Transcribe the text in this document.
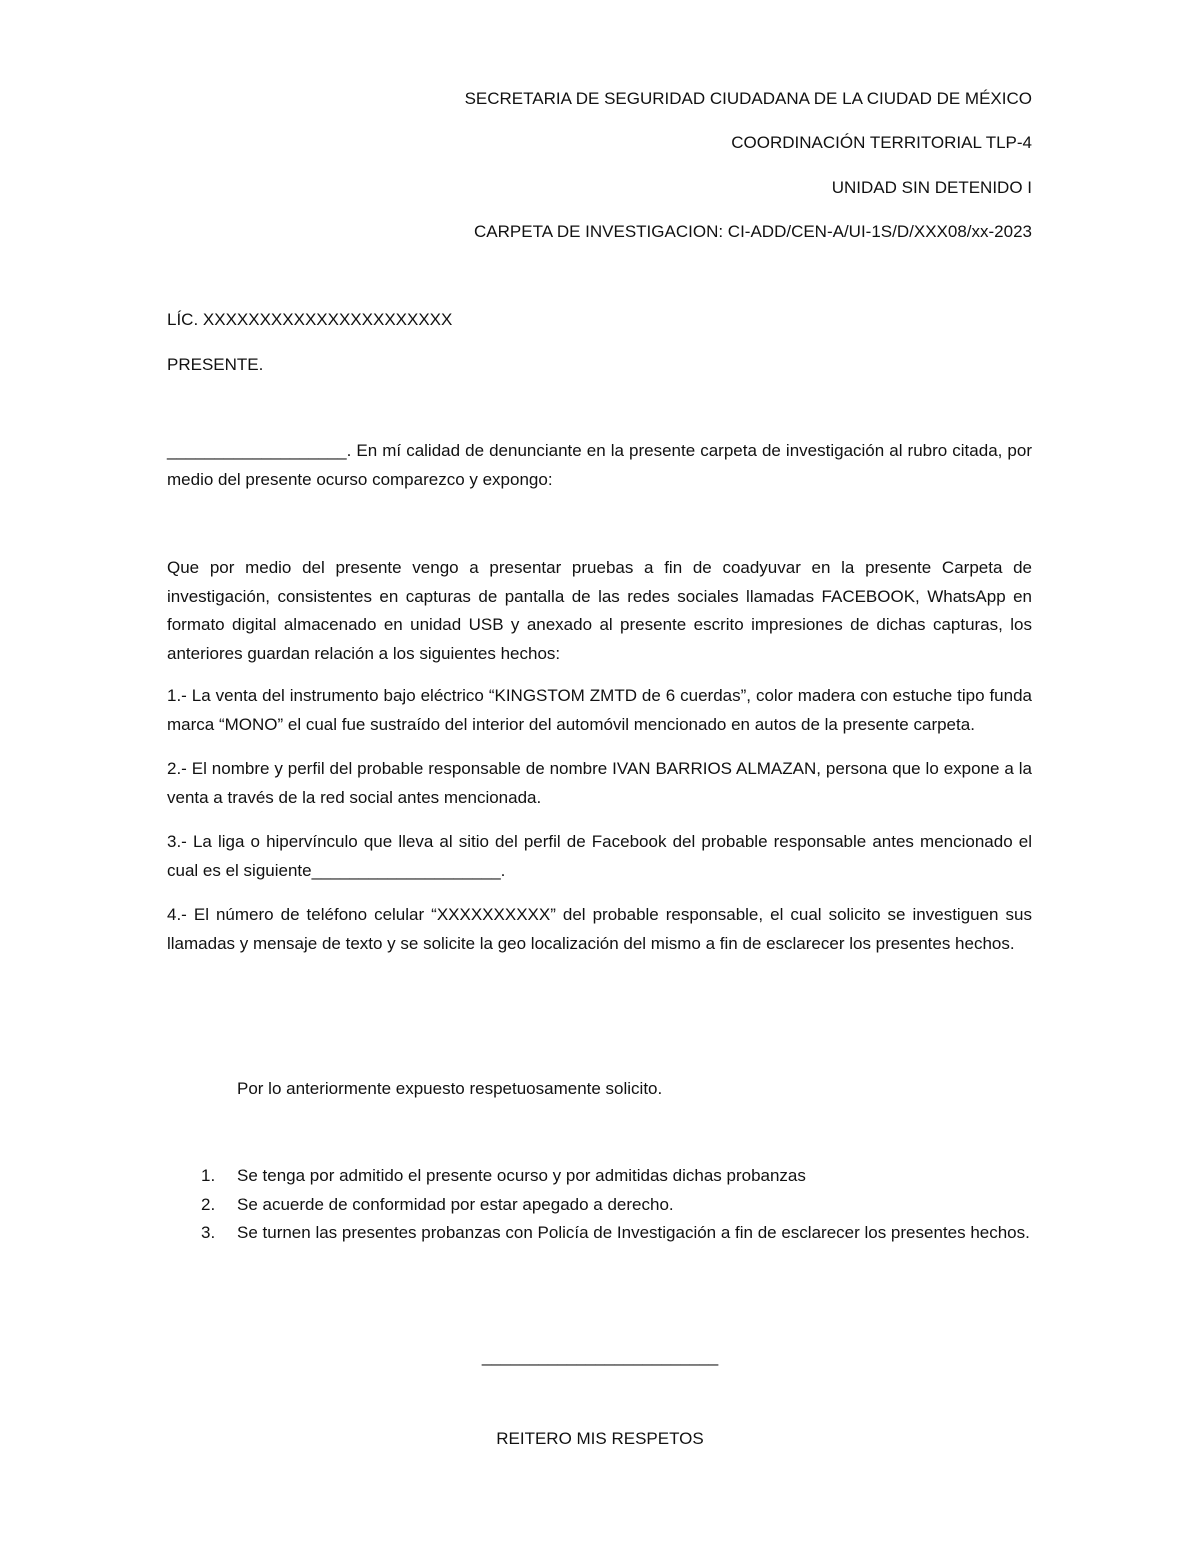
SECRETARIA DE SEGURIDAD CIUDADANA DE LA CIUDAD DE MÉXICO
COORDINACIÓN TERRITORIAL TLP-4
UNIDAD SIN DETENIDO I
CARPETA DE INVESTIGACION: CI-ADD/CEN-A/UI-1S/D/XXX08/xx-2023
LÍC. XXXXXXXXXXXXXXXXXXXXXX
PRESENTE.

___________________. En mí calidad de denunciante en la presente carpeta de investigación al rubro citada, por medio del presente ocurso comparezco y expongo:

Que por medio del presente vengo a presentar pruebas a fin de coadyuvar en la presente Carpeta de investigación, consistentes en capturas de pantalla de las redes sociales llamadas FACEBOOK, WhatsApp en formato digital almacenado en unidad USB y anexado al presente escrito impresiones de dichas capturas, los anteriores guardan relación a los siguientes hechos:

1.- La venta del instrumento bajo eléctrico “KINGSTOM ZMTD de 6 cuerdas”, color madera con estuche tipo funda marca “MONO” el cual fue sustraído del interior del automóvil mencionado en autos de la presente carpeta.

2.- El nombre y perfil del probable responsable de nombre IVAN BARRIOS ALMAZAN, persona que lo expone a la venta a través de la red social antes mencionada.

3.- La liga o hipervínculo que lleva al sitio del perfil de Facebook del probable responsable antes mencionado el cual es el siguiente____________________.

4.- El número de teléfono celular “XXXXXXXXXX” del probable responsable, el cual solicito se investiguen sus llamadas y mensaje de texto y se solicite la geo localización del mismo a fin de esclarecer los presentes hechos.

Por lo anteriormente expuesto respetuosamente solicito.
1. Se tenga por admitido el presente ocurso y por admitidas dichas probanzas
2. Se acuerde de conformidad por estar apegado a derecho.
3. Se turnen las presentes probanzas con Policía de Investigación a fin de esclarecer los presentes hechos.
_________________________
REITERO MIS RESPETOS
